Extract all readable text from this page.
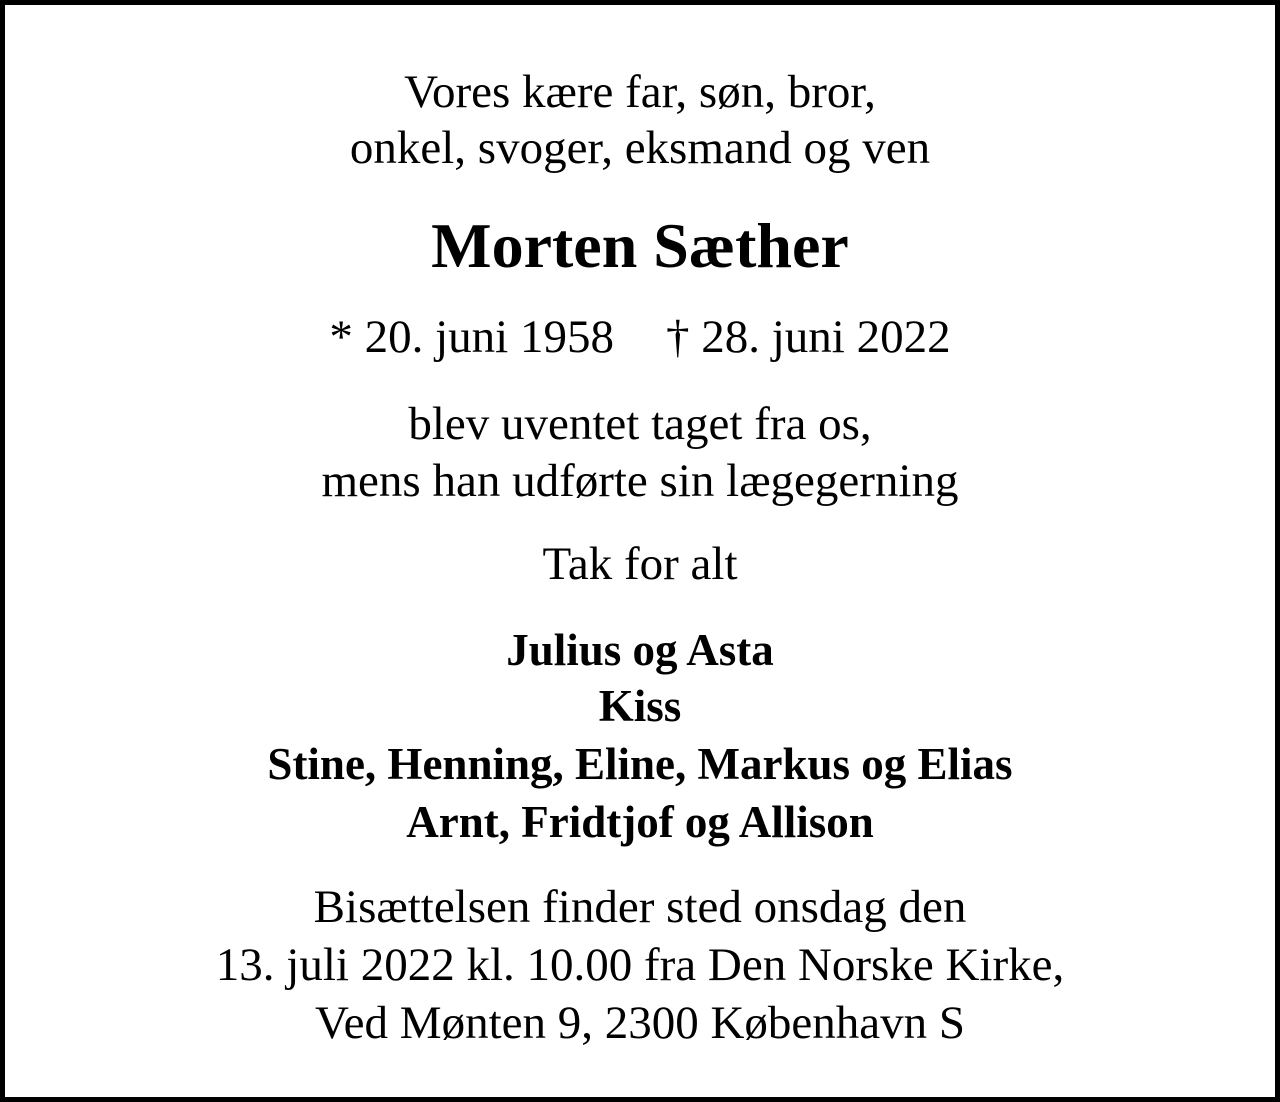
Vores kære far, søn, bror,
onkel, svoger, eksmand og ven
Morten Sæther
* 20. juni 1958 † 28. juni 2022
blev uventet taget fra os,
mens han udførte sin lægegerning
Tak for alt
Julius og Asta
Kiss
Stine, Henning, Eline, Markus og Elias
Arnt, Fridtjof og Allison
Bisættelsen finder sted onsdag den
13. juli 2022 kl. 10.00 fra Den Norske Kirke,
Ved Mønten 9, 2300 København S
